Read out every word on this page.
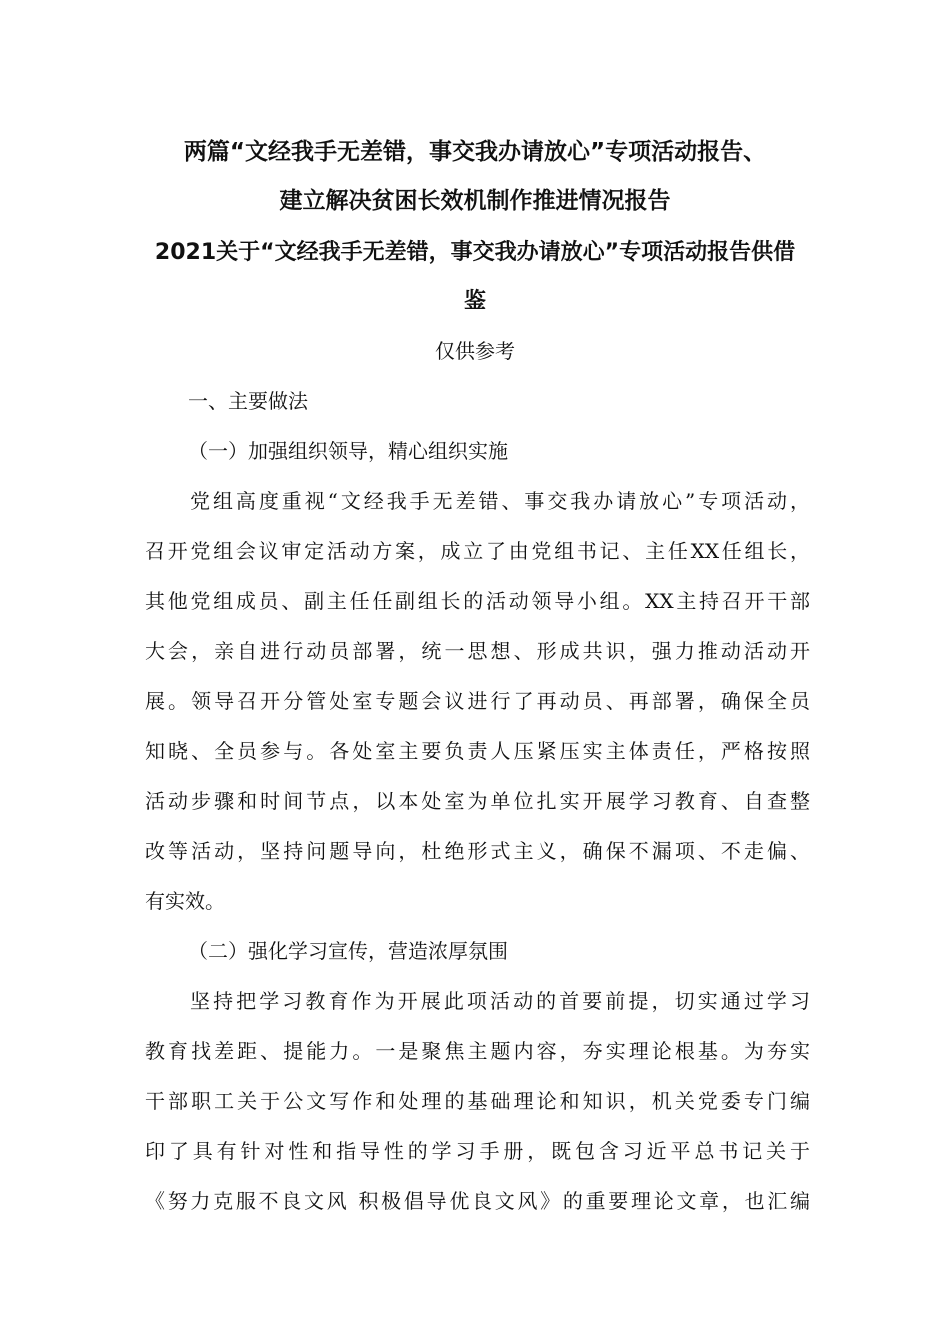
两篇“文经我手无差错，事交我办请放心”专项活动报告、
建立解决贫困长效机制作推进情况报告
2021关于“文经我手无差错，事交我办请放心”专项活动报告供借
鉴
仅供参考
一、主要做法
（一）加强组织领导，精心组织实施
党组高度重视“文经我手无差错、事交我办请放心”专项活动，
召开党组会议审定活动方案，成立了由党组书记、主任XX任组长，
其他党组成员、副主任任副组长的活动领导小组。XX主持召开干部
大会，亲自进行动员部署，统一思想、形成共识，强力推动活动开
展。领导召开分管处室专题会议进行了再动员、再部署，确保全员
知晓、全员参与。各处室主要负责人压紧压实主体责任，严格按照
活动步骤和时间节点，以本处室为单位扎实开展学习教育、自查整
改等活动，坚持问题导向，杜绝形式主义，确保不漏项、不走偏、
有实效。
（二）强化学习宣传，营造浓厚氛围
坚持把学习教育作为开展此项活动的首要前提，切实通过学习
教育找差距、提能力。一是聚焦主题内容，夯实理论根基。为夯实
干部职工关于公文写作和处理的基础理论和知识，机关党委专门编
印了具有针对性和指导性的学习手册，既包含习近平总书记关于
《努力克服不良文风 积极倡导优良文风》的重要理论文章，也汇编
